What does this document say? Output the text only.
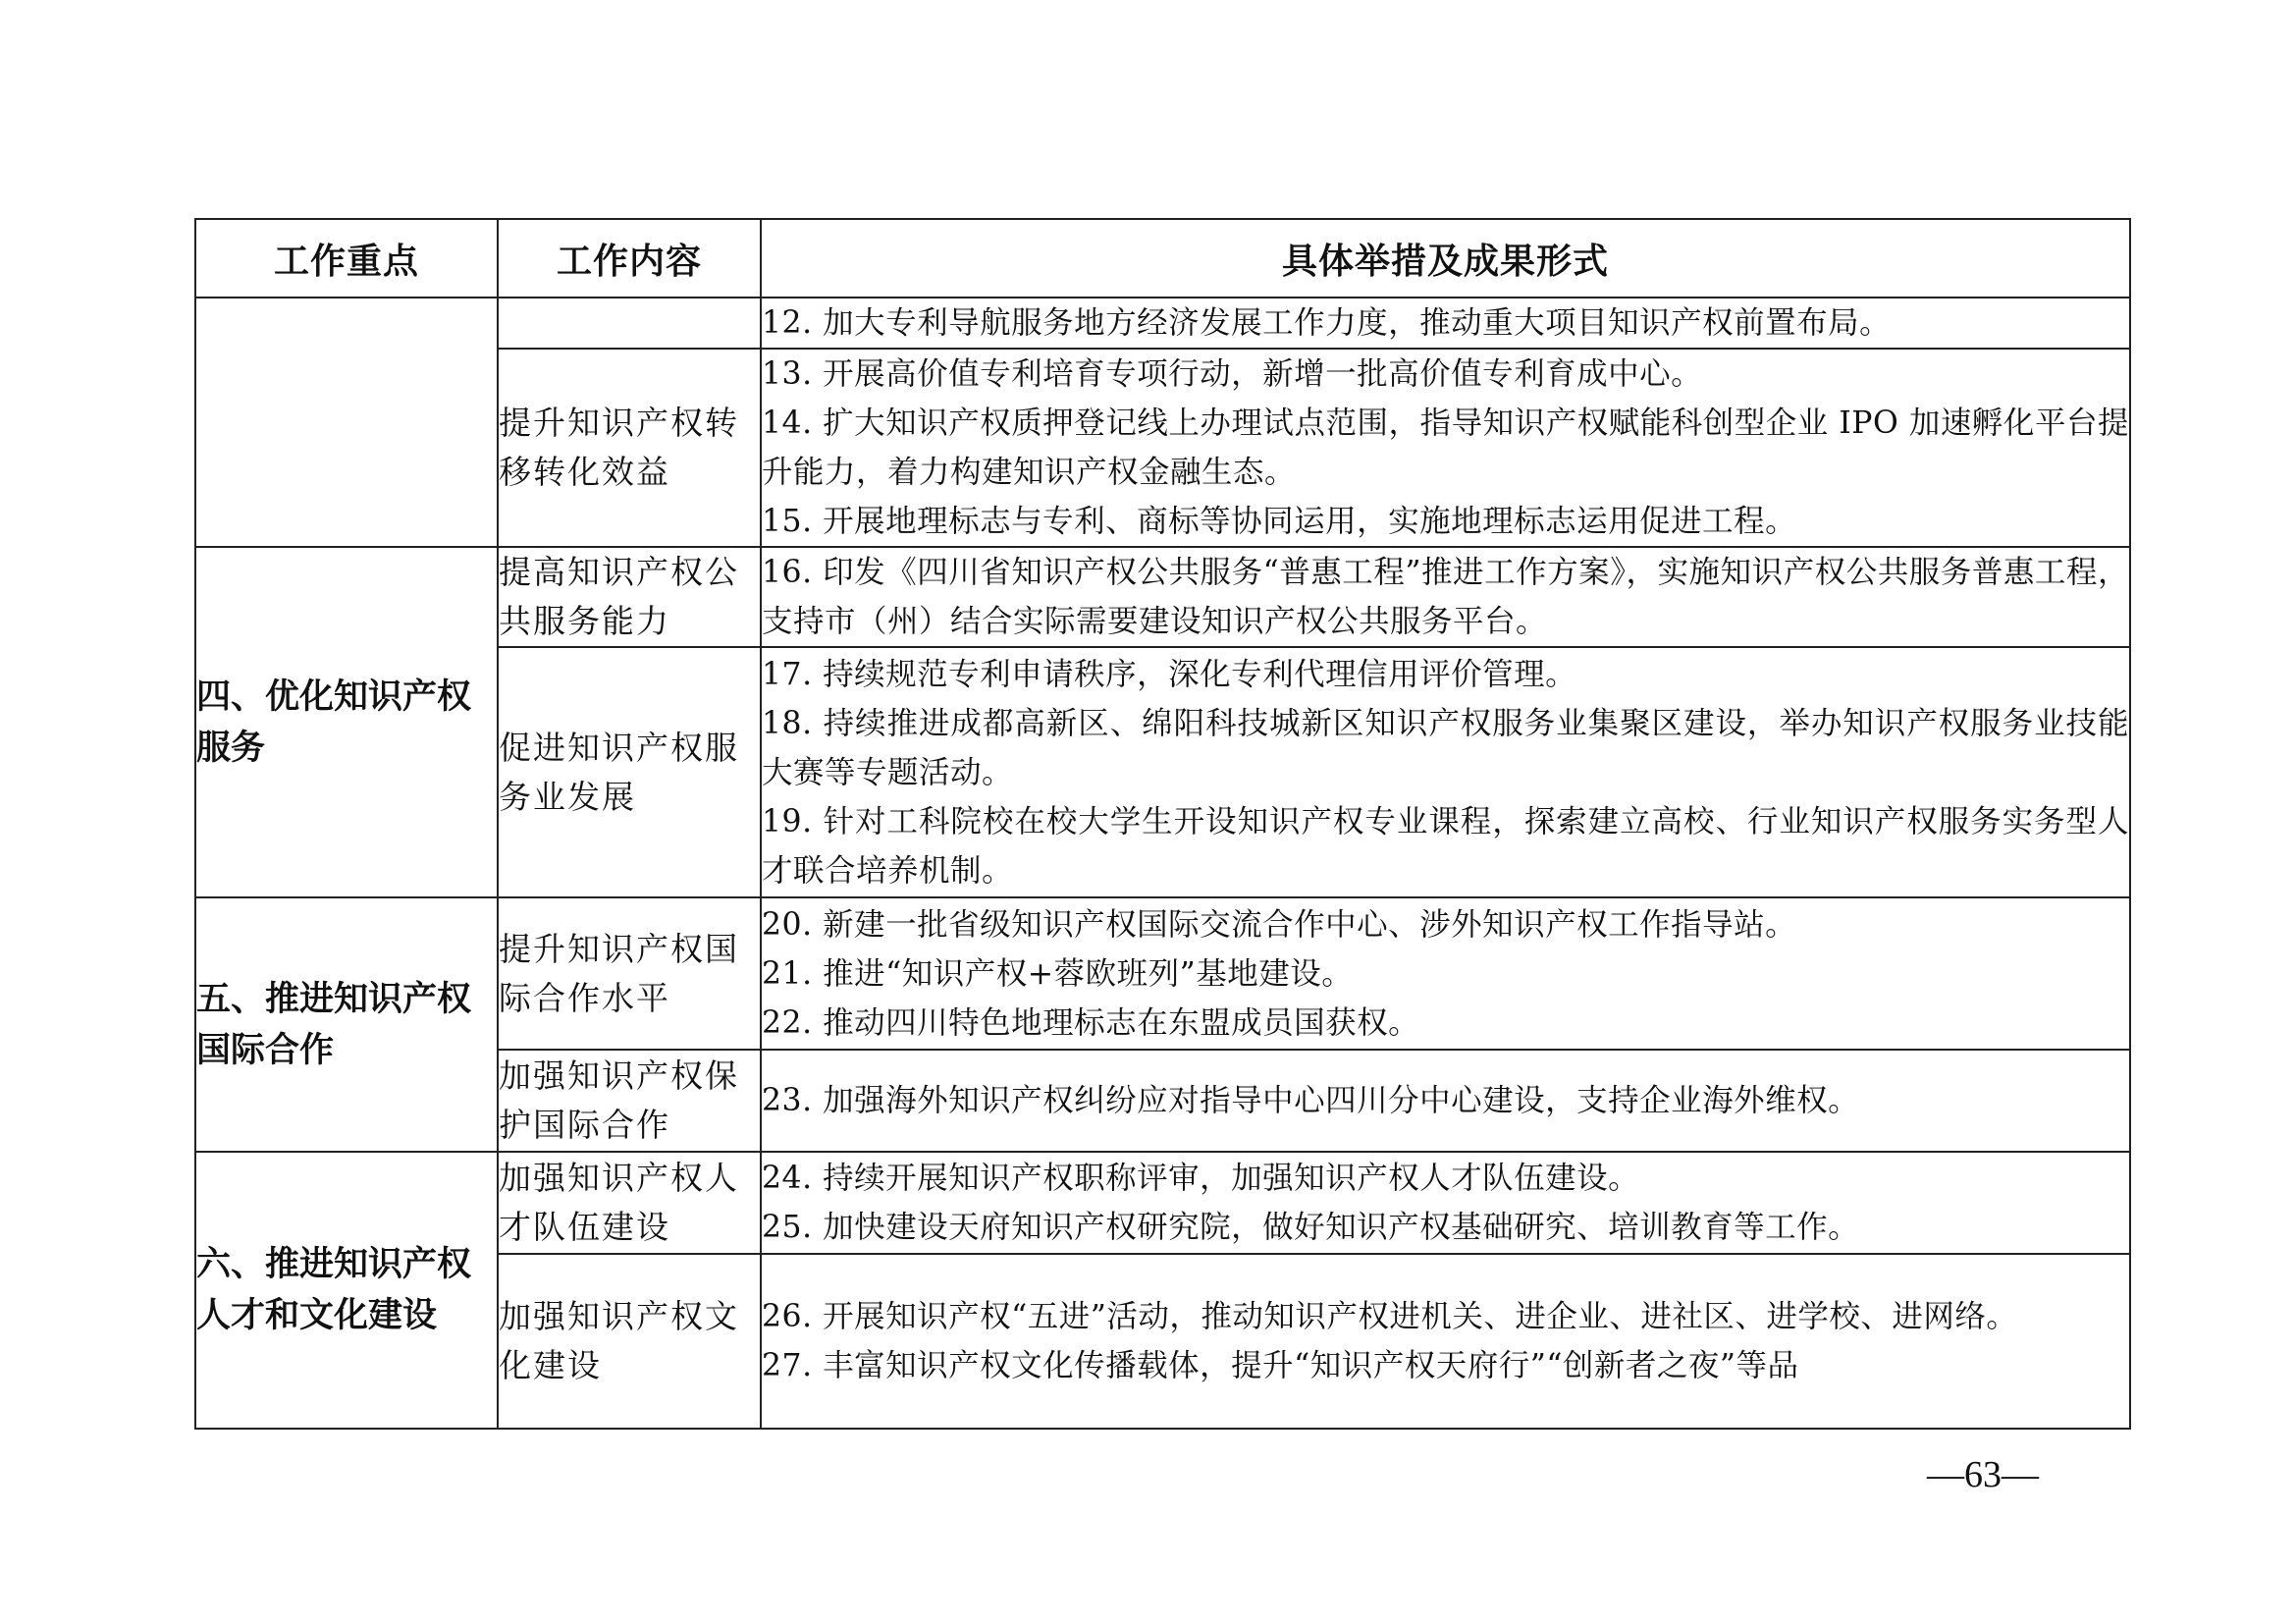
工作重点	工作内容	具体举措及成果形式

		12. 加大专利导航服务地方经济发展工作力度，推动重大项目知识产权前置布局。

	提升知识产权转移转化效益	13. 开展高价值专利培育专项行动，新增一批高价值专利育成中心。
14. 扩大知识产权质押登记线上办理试点范围，指导知识产权赋能科创型企业 IPO 加速孵化平台提升能力，着力构建知识产权金融生态。
15. 开展地理标志与专利、商标等协同运用，实施地理标志运用促进工程。

四、优化知识产权服务	提高知识产权公共服务能力	16. 印发《四川省知识产权公共服务“普惠工程”推进工作方案》，实施知识产权公共服务普惠工程，支持市（州）结合实际需要建设知识产权公共服务平台。

	促进知识产权服务业发展	17. 持续规范专利申请秩序，深化专利代理信用评价管理。
18. 持续推进成都高新区、绵阳科技城新区知识产权服务业集聚区建设，举办知识产权服务业技能大赛等专题活动。
19. 针对工科院校在校大学生开设知识产权专业课程，探索建立高校、行业知识产权服务实务型人才联合培养机制。

五、推进知识产权国际合作	提升知识产权国际合作水平	20. 新建一批省级知识产权国际交流合作中心、涉外知识产权工作指导站。
21. 推进“知识产权+蓉欧班列”基地建设。
22. 推动四川特色地理标志在东盟成员国获权。

	加强知识产权保护国际合作	23. 加强海外知识产权纠纷应对指导中心四川分中心建设，支持企业海外维权。

六、推进知识产权人才和文化建设	加强知识产权人才队伍建设	24. 持续开展知识产权职称评审，加强知识产权人才队伍建设。
25. 加快建设天府知识产权研究院，做好知识产权基础研究、培训教育等工作。

	加强知识产权文化建设	26. 开展知识产权“五进”活动，推动知识产权进机关、进企业、进社区、进学校、进网络。
27. 丰富知识产权文化传播载体，提升“知识产权天府行”“创新者之夜”等品
—63—
